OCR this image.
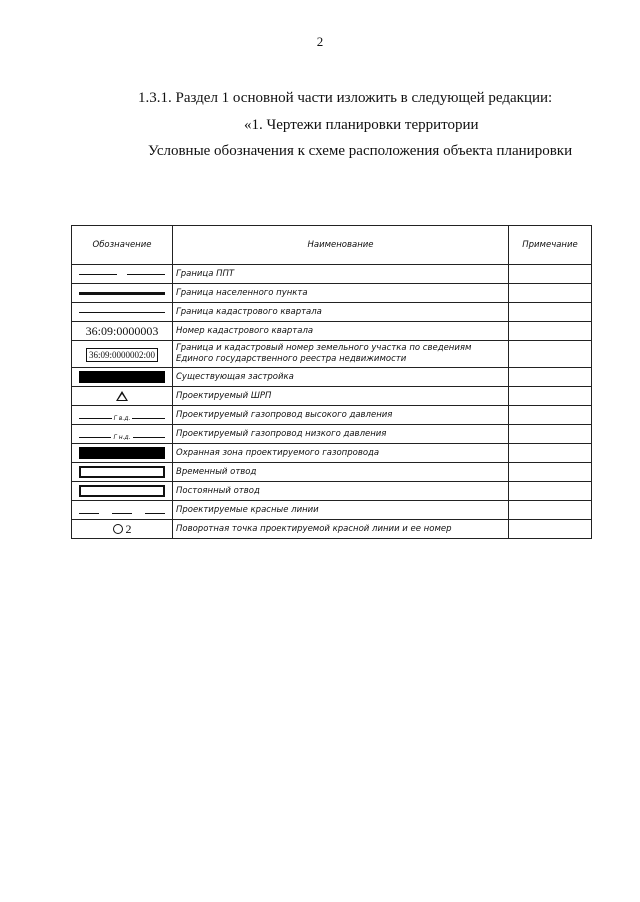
2
1.3.1. Раздел 1 основной части изложить в следующей редакции:
«1. Чертежи планировки территории
Условные обозначения к схеме расположения объекта планировки
Обозначение	Наименование	Примечание

	Граница ППТ	
	Граница населенного пункта	
	Граница кадастрового квартала	
36:09:0000003	Номер кадастрового квартала	
36:09:0000002:00	Граница и кадастровый номер земельного участка по сведениям Единого государственного реестра недвижимости	
	Существующая застройка	
	Проектируемый ШРП	

Г в.д.	Проектируемый газопровод высокого давления	

Г н.д.	Проектируемый газопровод низкого давления	
	Охранная зона проектируемого газопровода	
	Временный отвод	
	Постоянный отвод	

	Проектируемые красные линии	
2	Поворотная точка проектируемой красной линии и ее номер	
